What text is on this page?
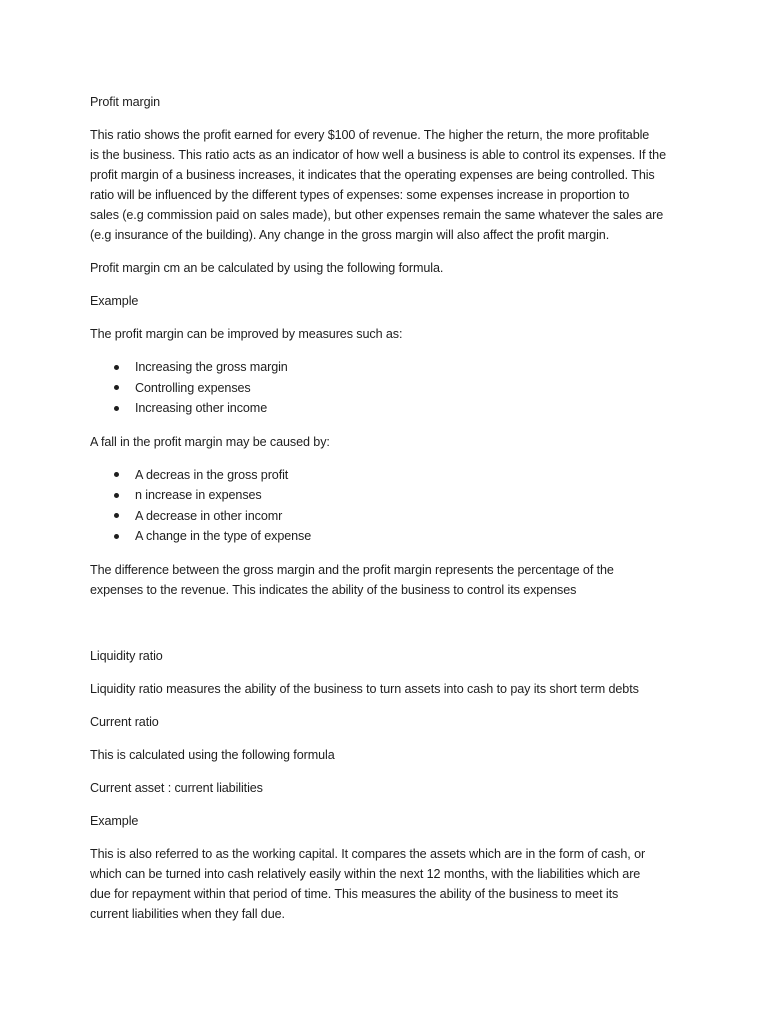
Profit margin

This ratio shows the profit earned for every $100 of revenue. The higher the return, the more profitable
is the business. This ratio acts as an indicator of how well a business is able to control its expenses. If the
profit margin of a business increases, it indicates that the operating expenses are being controlled. This
ratio will be influenced by the different types of expenses: some expenses increase in proportion to
sales (e.g commission paid on sales made), but other expenses remain the same whatever the sales are
(e.g insurance of the building). Any change in the gross margin will also affect the profit margin.

Profit margin cm an be calculated by using the following formula.

Example

The profit margin can be improved by measures such as:

Increasing the gross margin
Controlling expenses
Increasing other income

A fall in the profit margin may be caused by:

A decreas in the gross profit
n increase in expenses
A decrease in other incomr
A change in the type of expense

The difference between the gross margin and the profit margin represents the percentage of the
expenses to the revenue. This indicates the ability of the business to control its expenses

Liquidity ratio

Liquidity ratio measures the ability of the business to turn assets into cash to pay its short term debts

Current ratio

This is calculated using the following formula

Current asset : current liabilities

Example

This is also referred to as the working capital. It compares the assets which are in the form of cash, or
which can be turned into cash relatively easily within the next 12 months, with the liabilities which are
due for repayment within that period of time. This measures the ability of the business to meet its
current liabilities when they fall due.
